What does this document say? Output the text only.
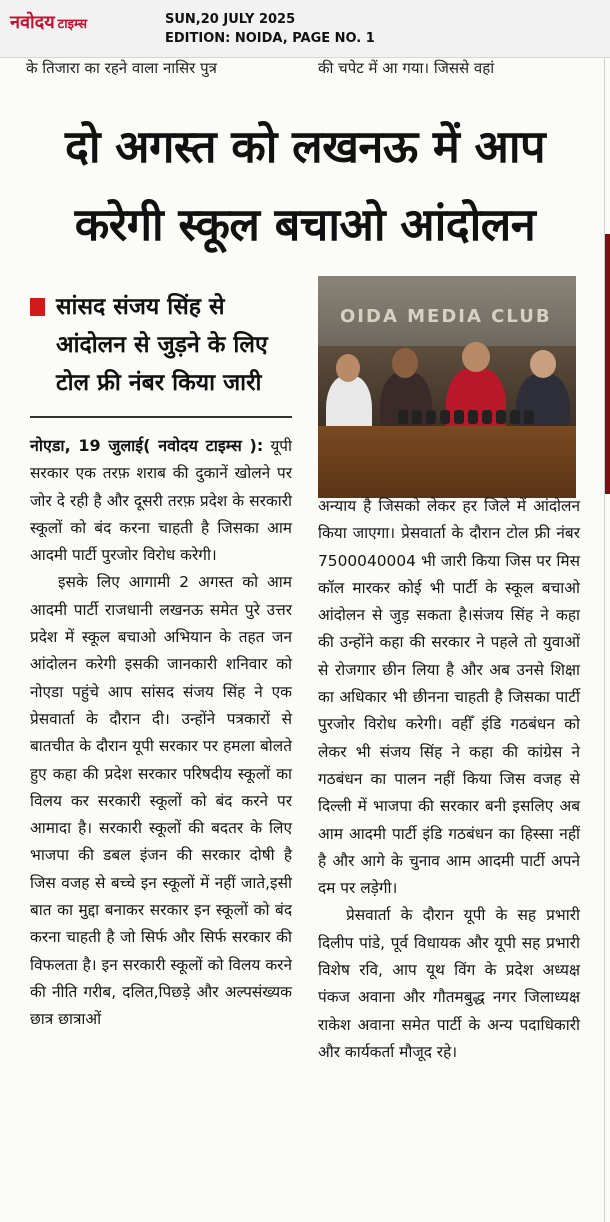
नवोदय टाइम्स	SUN,20 JULY 2025
EDITION: NOIDA, PAGE NO. 1
के तिजारा का रहने वाला नासिर पुत्र	की चपेट में आ गया। जिससे वहां
दो अगस्त को लखनऊ में आप
करेगी स्कूल बचाओ आंदोलन
सांसद संजय सिंह से
आंदोलन से जुड़ने के लिए
टोल फ्री नंबर किया जारी
OIDA MEDIA CLUB

नोएडा, 19 जुलाई( नवोदय टाइम्स ): यूपी सरकार एक तरफ़ शराब की दुकानें खोलने पर जोर दे रही है और दूसरी तरफ़ प्रदेश के सरकारी स्कूलों को बंद करना चाहती है जिसका आम आदमी पार्टी पुरजोर विरोध करेगी।

इसके लिए आगामी 2 अगस्त को आम आदमी पार्टी राजधानी लखनऊ समेत पुरे उत्तर प्रदेश में स्कूल बचाओ अभियान के तहत जन आंदोलन करेगी इसकी जानकारी शनिवार को नोएडा पहुंचे आप सांसद संजय सिंह ने एक प्रेसवार्ता के दौरान दी। उन्होंने पत्रकारों से बातचीत के दौरान यूपी सरकार पर हमला बोलते हुए कहा की प्रदेश सरकार परिषदीय स्कूलों का विलय कर सरकारी स्कूलों को बंद करने पर आमादा है। सरकारी स्कूलों की बदतर के लिए भाजपा की डबल इंजन की सरकार दोषी है जिस वजह से बच्चे इन स्कूलों में नहीं जाते,इसी बात का मुद्दा बनाकर सरकार इन स्कूलों को बंद करना चाहती है जो सिर्फ और सिर्फ सरकार की विफलता है। इन सरकारी स्कूलों को विलय करने की नीति गरीब, दलित,पिछड़े और अल्पसंख्यक छात्र छात्राओं

अन्याय है जिसको लेकर हर जिले में आंदोलन किया जाएगा। प्रेसवार्ता के दौरान टोल फ्री नंबर 7500040004 भी जारी किया जिस पर मिस कॉल मारकर कोई भी पार्टी के स्कूल बचाओ आंदोलन से जुड़ सकता है।संजय सिंह ने कहा की उन्होंने कहा की सरकार ने पहले तो युवाओं से रोजगार छीन लिया है और अब उनसे शिक्षा का अधिकार भी छीनना चाहती है जिसका पार्टी पुरजोर विरोध करेगी। वहीँ इंडि गठबंधन को लेकर भी संजय सिंह ने कहा की कांग्रेस ने गठबंधन का पालन नहीं किया जिस वजह से दिल्ली में भाजपा की सरकार बनी इसलिए अब आम आदमी पार्टी इंडि गठबंधन का हिस्सा नहीं है और आगे के चुनाव आम आदमी पार्टी अपने दम पर लड़ेगी।

प्रेसवार्ता के दौरान यूपी के सह प्रभारी दिलीप पांडे, पूर्व विधायक और यूपी सह प्रभारी विशेष रवि, आप यूथ विंग के प्रदेश अध्यक्ष पंकज अवाना और गौतमबुद्ध नगर जिलाध्यक्ष राकेश अवाना समेत पार्टी के अन्य पदाधिकारी और कार्यकर्ता मौजूद रहे।
